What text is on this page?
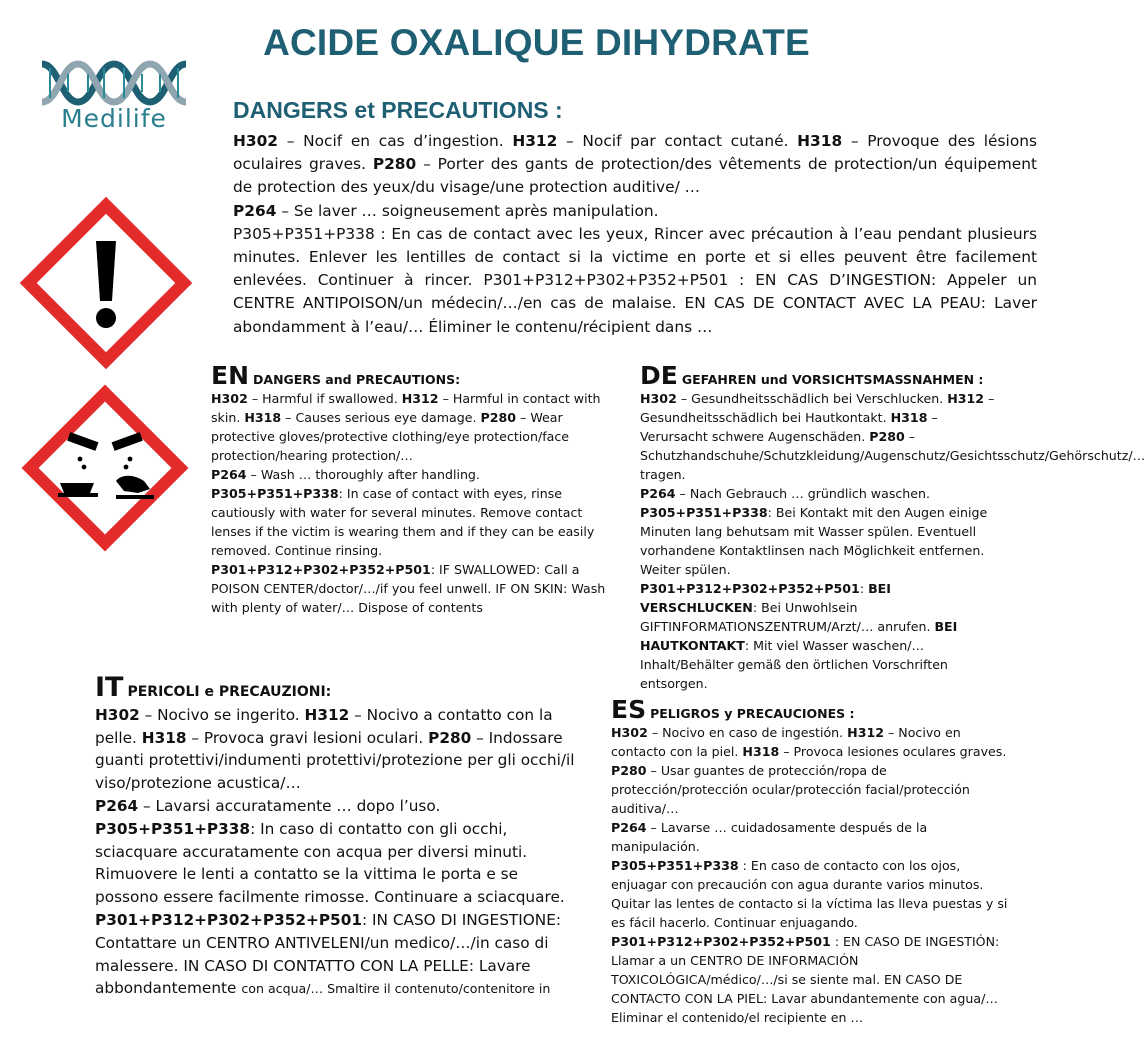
ACIDE OXALIQUE DIHYDRATE
Medilife	DANGERS et PRECAUTIONS :
H302 – Nocif en cas d’ingestion. H312 – Nocif par contact cutané. H318 – Provoque des lésions oculaires graves. P280 – Porter des gants de protection/des vêtements de protection/un équipement de protection des yeux/du visage/une protection auditive/ …
P264 – Se laver … soigneusement après manipulation.
P305+P351+P338 : En cas de contact avec les yeux, Rincer avec précaution à l’eau pendant plusieurs minutes. Enlever les lentilles de contact si la victime en porte et si elles peuvent être facilement enlevées. Continuer à rincer. P301+P312+P302+P352+P501 : EN CAS D’INGESTION: Appeler un CENTRE ANTIPOISON/un médecin/…/en cas de malaise. EN CAS DE CONTACT AVEC LA PEAU: Laver abondamment à l’eau/… Éliminer le contenu/récipient dans …
EN DANGERS and PRECAUTIONS:
H302 – Harmful if swallowed. H312 – Harmful in contact with skin. H318 – Causes serious eye damage. P280 – Wear protective gloves/protective clothing/eye protection/face protection/hearing protection/…
P264 – Wash … thoroughly after handling.
P305+P351+P338: In case of contact with eyes, rinse cautiously with water for several minutes. Remove contact lenses if the victim is wearing them and if they can be easily removed. Continue rinsing.
P301+P312+P302+P352+P501: IF SWALLOWED: Call a POISON CENTER/doctor/…/if you feel unwell. IF ON SKIN: Wash with plenty of water/… Dispose of contents
DE GEFAHREN und VORSICHTSMASSNAHMEN :
H302 – Gesundheitsschädlich bei Verschlucken. H312 – Gesundheitsschädlich bei Hautkontakt. H318 – Verursacht schwere Augenschäden. P280 – Schutzhandschuhe/Schutzkleidung/Augenschutz/Gesichtsschutz/Gehörschutz/… tragen.
P264 – Nach Gebrauch … gründlich waschen.
P305+P351+P338: Bei Kontakt mit den Augen einige Minuten lang behutsam mit Wasser spülen. Eventuell vorhandene Kontaktlinsen nach Möglichkeit entfernen. Weiter spülen.
P301+P312+P302+P352+P501: BEI VERSCHLUCKEN: Bei Unwohlsein GIFTINFORMATIONSZENTRUM/Arzt/… anrufen. BEI HAUTKONTAKT: Mit viel Wasser waschen/… Inhalt/Behälter gemäß den örtlichen Vorschriften entsorgen.
IT PERICOLI e PRECAUZIONI:
H302 – Nocivo se ingerito. H312 – Nocivo a contatto con la pelle. H318 – Provoca gravi lesioni oculari. P280 – Indossare guanti protettivi/indumenti protettivi/protezione per gli occhi/il viso/protezione acustica/…
P264 – Lavarsi accuratamente … dopo l’uso.
P305+P351+P338: In caso di contatto con gli occhi, sciacquare accuratamente con acqua per diversi minuti. Rimuovere le lenti a contatto se la vittima le porta e se possono essere facilmente rimosse. Continuare a sciacquare.
P301+P312+P302+P352+P501: IN CASO DI INGESTIONE: Contattare un CENTRO ANTIVELENI/un medico/…/in caso di malessere. IN CASO DI CONTATTO CON LA PELLE: Lavare abbondantemente con acqua/… Smaltire il contenuto/contenitore in
ES PELIGROS y PRECAUCIONES :
H302 – Nocivo en caso de ingestión. H312 – Nocivo en contacto con la piel. H318 – Provoca lesiones oculares graves. P280 – Usar guantes de protección/ropa de protección/protección ocular/protección facial/protección auditiva/…
P264 – Lavarse … cuidadosamente después de la manipulación.
P305+P351+P338 : En caso de contacto con los ojos, enjuagar con precaución con agua durante varios minutos. Quitar las lentes de contacto si la víctima las lleva puestas y si es fácil hacerlo. Continuar enjuagando.
P301+P312+P302+P352+P501 : EN CASO DE INGESTIÓN: Llamar a un CENTRO DE INFORMACIÓN TOXICOLÓGICA/médico/…/si se siente mal. EN CASO DE CONTACTO CON LA PIEL: Lavar abundantemente con agua/… Eliminar el contenido/el recipiente en …
